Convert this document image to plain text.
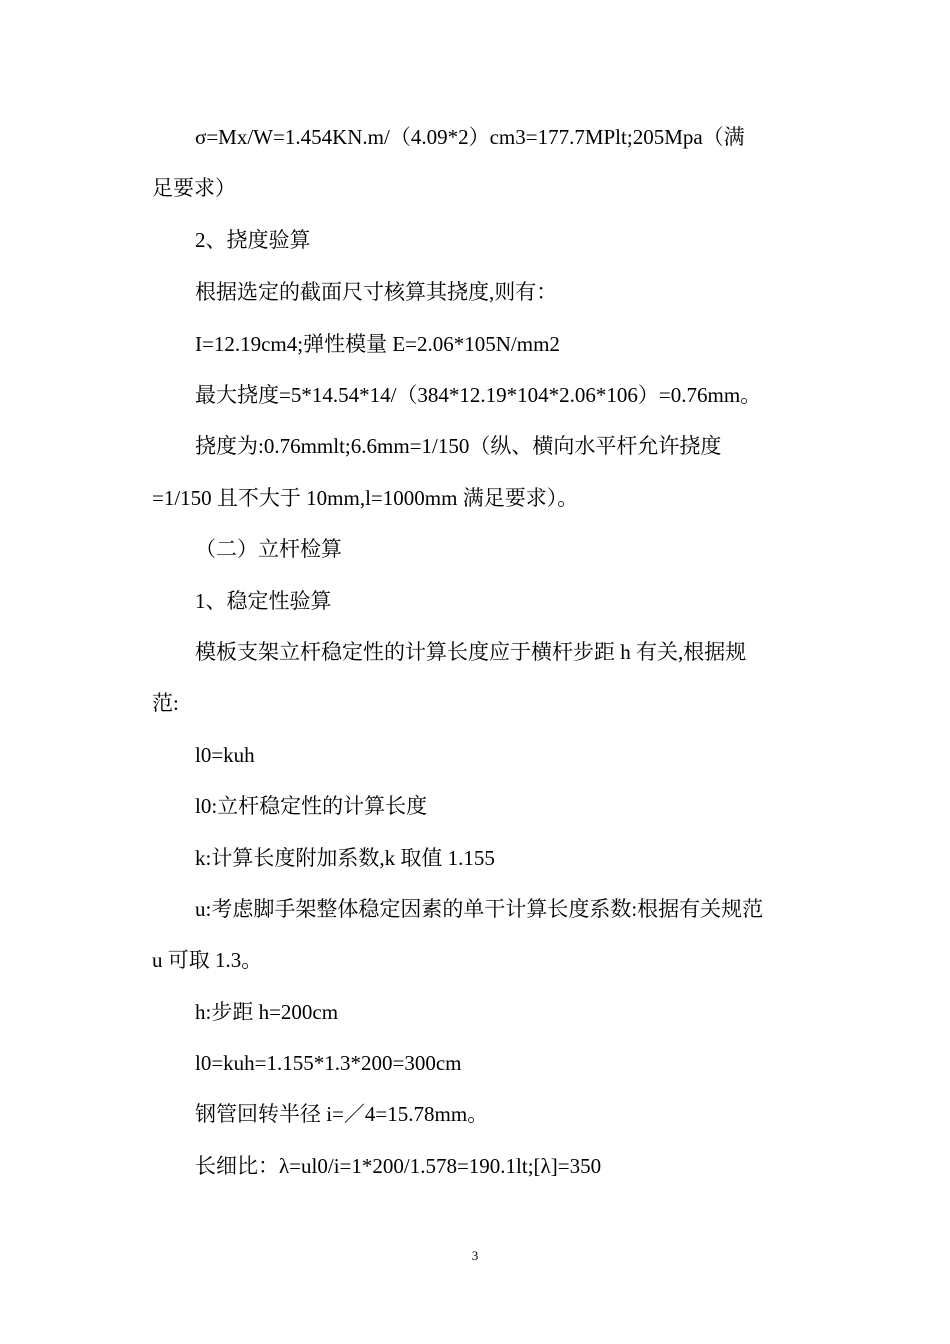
σ=Mx/W=1.454KN.m/（4.09*2）cm3=177.7MPlt;205Mpa（满
足要求）
2、挠度验算
根据选定的截面尺寸核算其挠度,则有：
I=12.19cm4;弹性模量 E=2.06*105N/mm2
最大挠度=5*14.54*14/（384*12.19*104*2.06*106）=0.76mm。
挠度为:0.76mmlt;6.6mm=1/150（纵、横向水平杆允许挠度
=1/150 且不大于 10mm,l=1000mm 满足要求）。
（二）立杆检算
1、稳定性验算
模板支架立杆稳定性的计算长度应于横杆步距 h 有关,根据规
范:
l0=kuh
l0:立杆稳定性的计算长度
k:计算长度附加系数,k 取值 1.155
u:考虑脚手架整体稳定因素的单干计算长度系数:根据有关规范
u 可取 1.3。
h:步距 h=200cm
l0=kuh=1.155*1.3*200=300cm
钢管回转半径 i=／4=15.78mm。
长细比：λ=ul0/i=1*200/1.578=190.1lt;[λ]=350
3
